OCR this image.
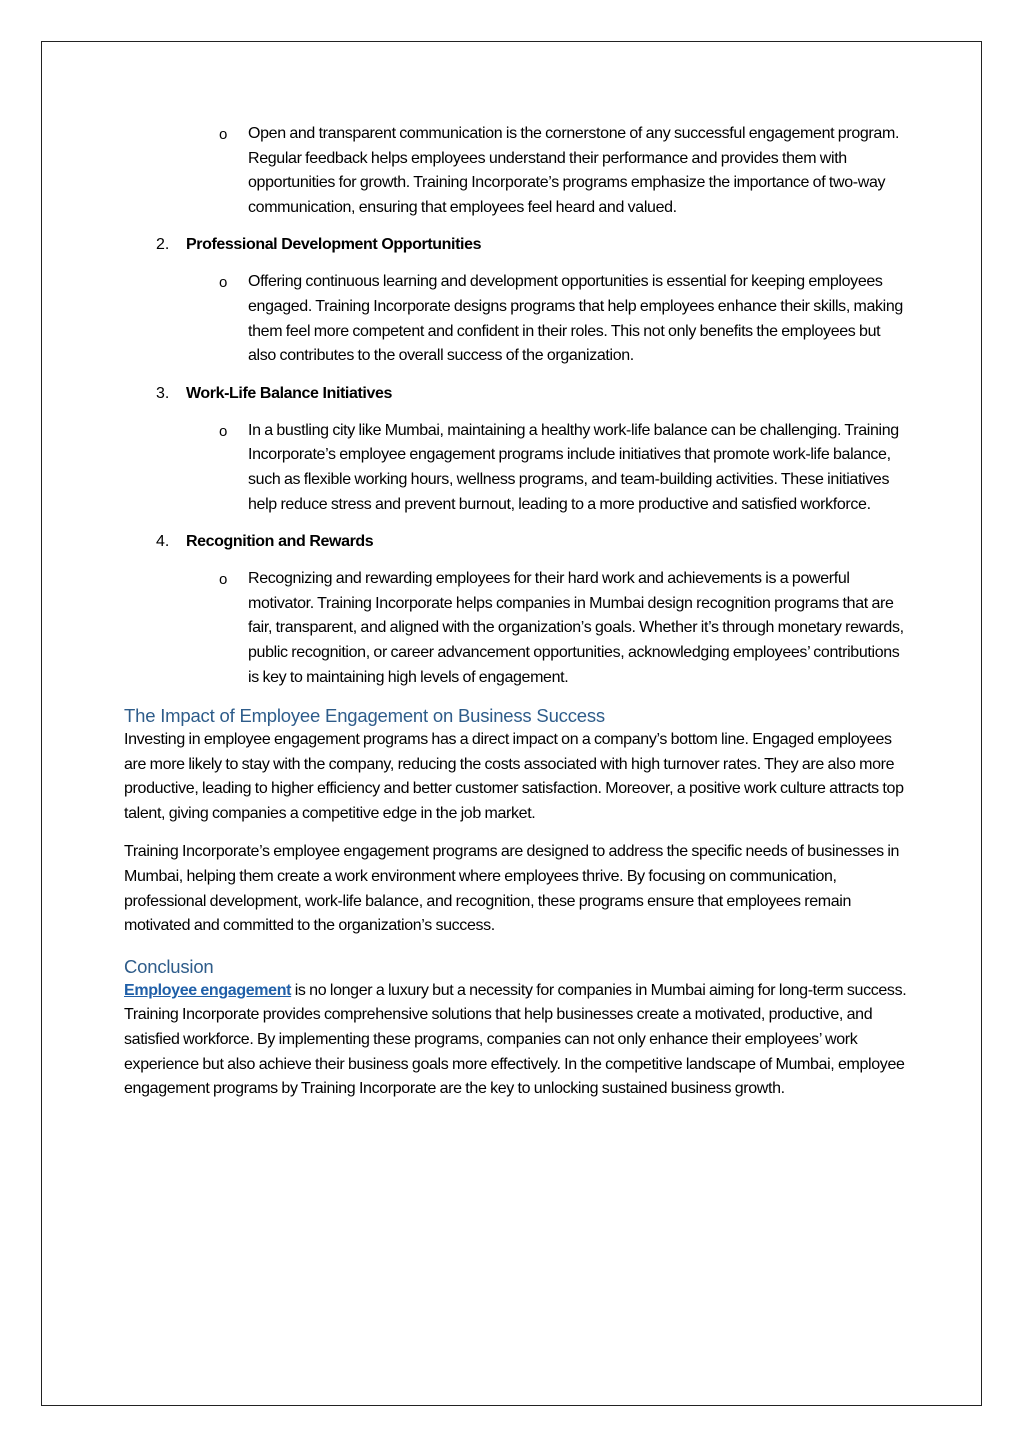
o	Open and transparent communication is the cornerstone of any successful engagement program. Regular feedback helps employees understand their performance and provides them with opportunities for growth. Training Incorporate’s programs emphasize the importance of two-way communication, ensuring that employees feel heard and valued.
2.	Professional Development Opportunities
o	Offering continuous learning and development opportunities is essential for keeping employees engaged. Training Incorporate designs programs that help employees enhance their skills, making them feel more competent and confident in their roles. This not only benefits the employees but also contributes to the overall success of the organization.
3.	Work-Life Balance Initiatives
o	In a bustling city like Mumbai, maintaining a healthy work-life balance can be challenging. Training Incorporate’s employee engagement programs include initiatives that promote work-life balance, such as flexible working hours, wellness programs, and team-building activities. These initiatives help reduce stress and prevent burnout, leading to a more productive and satisfied workforce.
4.	Recognition and Rewards
o	Recognizing and rewarding employees for their hard work and achievements is a powerful motivator. Training Incorporate helps companies in Mumbai design recognition programs that are fair, transparent, and aligned with the organization’s goals. Whether it’s through monetary rewards, public recognition, or career advancement opportunities, acknowledging employees’ contributions is key to maintaining high levels of engagement.
The Impact of Employee Engagement on Business Success

Investing in employee engagement programs has a direct impact on a company’s bottom line. Engaged employees are more likely to stay with the company, reducing the costs associated with high turnover rates. They are also more productive, leading to higher efficiency and better customer satisfaction. Moreover, a positive work culture attracts top talent, giving companies a competitive edge in the job market.

Training Incorporate’s employee engagement programs are designed to address the specific needs of businesses in Mumbai, helping them create a work environment where employees thrive. By focusing on communication, professional development, work-life balance, and recognition, these programs ensure that employees remain motivated and committed to the organization’s success.

Conclusion

Employee engagement is no longer a luxury but a necessity for companies in Mumbai aiming for long-term success. Training Incorporate provides comprehensive solutions that help businesses create a motivated, productive, and satisfied workforce. By implementing these programs, companies can not only enhance their employees’ work experience but also achieve their business goals more effectively. In the competitive landscape of Mumbai, employee engagement programs by Training Incorporate are the key to unlocking sustained business growth.
